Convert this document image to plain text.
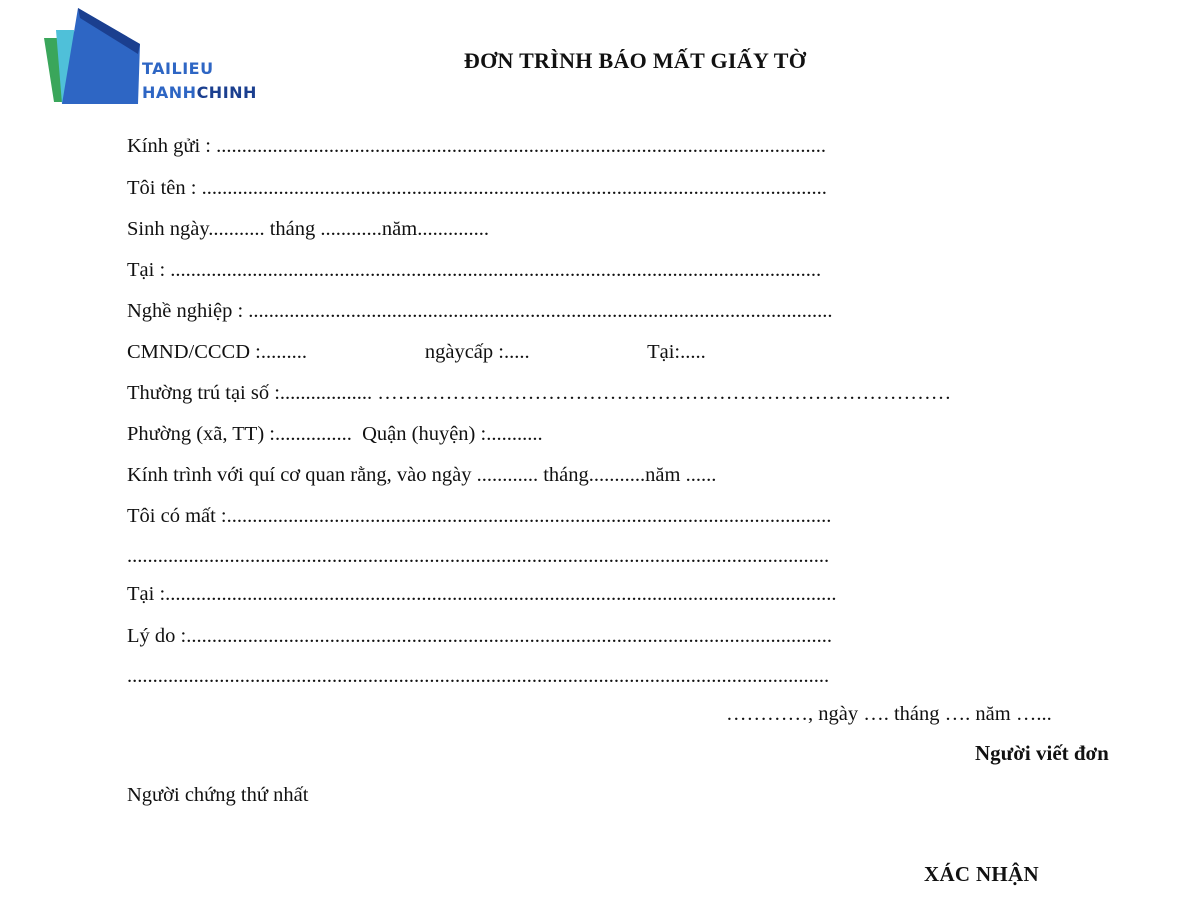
TAILIEU
HANHCHINH
ĐƠN TRÌNH BÁO MẤT GIẤY TỜ
Kính gửi : .......................................................................................................................
Tôi tên : ..........................................................................................................................
Sinh ngày........... tháng ............năm..............
Tại : ...............................................................................................................................
Nghề nghiệp : ..................................................................................................................
CMND/CCCD :.........                       ngàycấp :.....                       Tại:.....
Thường trú tại số :.................. …………………………………………………………………………
Phường (xã, TT) :...............  Quận (huyện) :...........
Kính trình với quí cơ quan rằng, vào ngày ............ tháng...........năm ......
Tôi có mất :......................................................................................................................
.........................................................................................................................................
Tại :...................................................................................................................................
Lý do :..............................................................................................................................
.........................................................................................................................................
…………, ngày …. tháng …. năm …...
Người viết đơn
Người chứng thứ nhất
XÁC NHẬN
